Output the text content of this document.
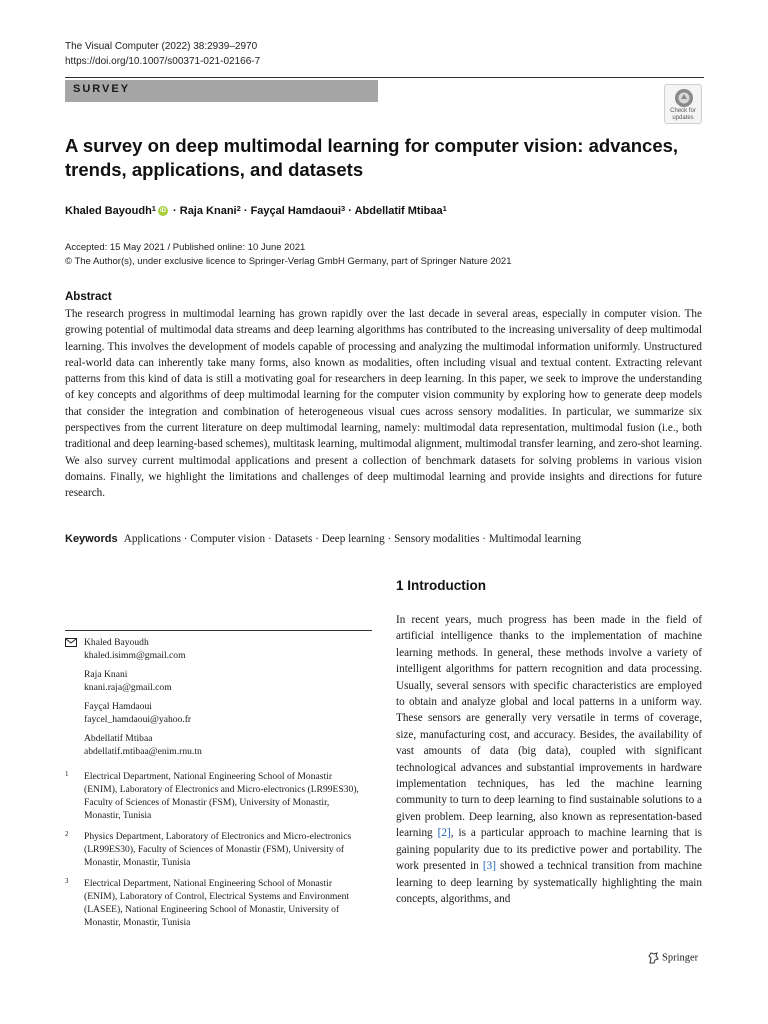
The Visual Computer (2022) 38:2939–2970
https://doi.org/10.1007/s00371-021-02166-7
SURVEY
Check for
updates
A survey on deep multimodal learning for computer vision: advances, trends, applications, and datasets
Khaled Bayoudh$^1$ iD · Raja Knani$^2$ · Fayçal Hamdaoui$^3$ · Abdellatif Mtibaa$^1$
Accepted: 15 May 2021 / Published online: 10 June 2021
© The Author(s), under exclusive licence to Springer-Verlag GmbH Germany, part of Springer Nature 2021
Abstract

The research progress in multimodal learning has grown rapidly over the last decade in several areas, especially in computer vision. The growing potential of multimodal data streams and deep learning algorithms has contributed to the increasing universality of deep multimodal learning. This involves the development of models capable of processing and analyzing the multimodal information uniformly. Unstructured real-world data can inherently take many forms, also known as modalities, often including visual and textual content. Extracting relevant patterns from this kind of data is still a motivating goal for researchers in deep learning. In this paper, we seek to improve the understanding of key concepts and algorithms of deep multimodal learning for the computer vision community by exploring how to generate deep models that consider the integration and combination of heterogeneous visual cues across sensory modalities. In particular, we summarize six perspectives from the current literature on deep multimodal learning, namely: multimodal data representation, multimodal fusion (i.e., both traditional and deep learning-based schemes), multitask learning, multimodal alignment, multimodal transfer learning, and zero-shot learning. We also survey current multimodal applications and present a collection of benchmark datasets for solving problems in various vision domains. Finally, we highlight the limitations and challenges of deep multimodal learning and provide insights and directions for future research.

Keywords Applications · Computer vision · Datasets · Deep learning · Sensory modalities · Multimodal learning
1 Introduction

In recent years, much progress has been made in the field of artificial intelligence thanks to the implementation of machine learning methods. In general, these methods involve a variety of intelligent algorithms for pattern recognition and data processing. Usually, several sensors with specific characteristics are employed to obtain and analyze global and local patterns in a uniform way. These sensors are generally very versatile in terms of coverage, size, manufacturing cost, and accuracy. Besides, the availability of vast amounts of data (big data), coupled with significant technological advances and substantial improvements in hardware implementation techniques, has led the machine learning community to turn to deep learning to find sustainable solutions to a given problem. Deep learning, also known as representation-based learning [2], is a particular approach to machine learning that is gaining popularity due to its predictive power and portability. The work presented in [3] showed a technical transition from machine learning to deep learning by systematically highlighting the main concepts, algorithms, and

Khaled Bayoudh
khaled.isimm@gmail.com
Raja Knani
knani.raja@gmail.com
Fayçal Hamdaoui
faycel_hamdaoui@yahoo.fr
Abdellatif Mtibaa
abdellatif.mtibaa@enim.rnu.tn
1 Electrical Department, National Engineering School of Monastir (ENIM), Laboratory of Electronics and Micro-electronics (LR99ES30), Faculty of Sciences of Monastir (FSM), University of Monastir, Monastir, Tunisia
2 Physics Department, Laboratory of Electronics and Micro-electronics (LR99ES30), Faculty of Sciences of Monastir (FSM), University of Monastir, Monastir, Tunisia
3 Electrical Department, National Engineering School of Monastir (ENIM), Laboratory of Control, Electrical Systems and Environment (LASEE), National Engineering School of Monastir, University of Monastir, Monastir, Tunisia
Springer
